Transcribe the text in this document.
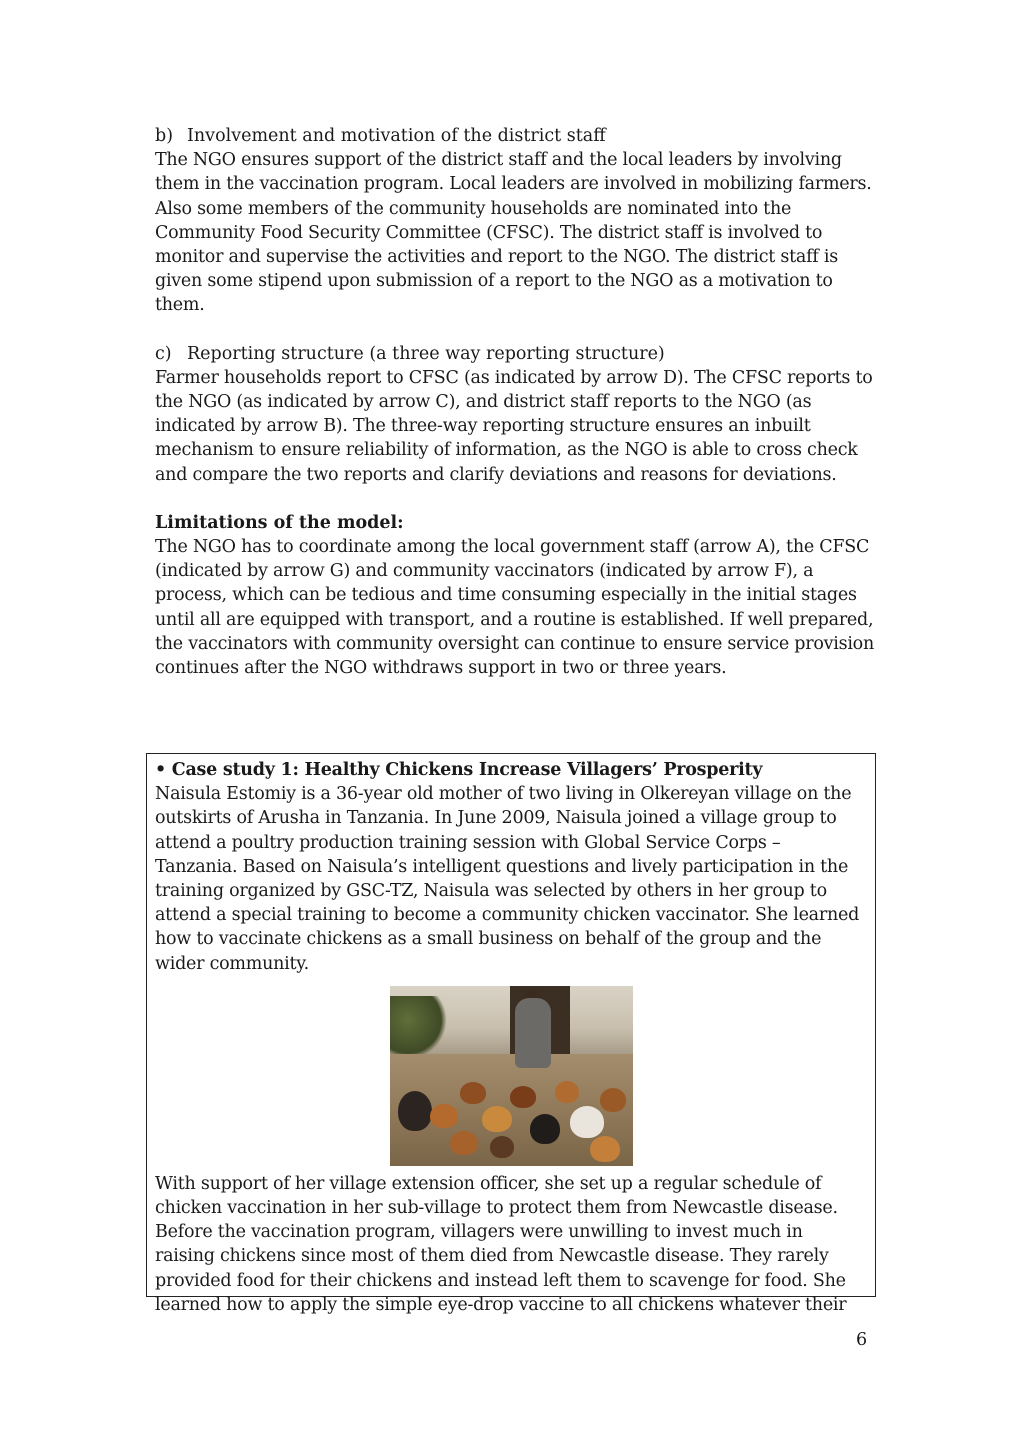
b) Involvement and motivation of the district staff

The NGO ensures support of the district staff and the local leaders by involving them in the vaccination program. Local leaders are involved in mobilizing farmers. Also some members of the community households are nominated into the Community Food Security Committee (CFSC). The district staff is involved to monitor and supervise the activities and report to the NGO. The district staff is given some stipend upon submission of a report to the NGO as a motivation to them.

c) Reporting structure (a three way reporting structure)

Farmer households report to CFSC (as indicated by arrow D). The CFSC reports to the NGO (as indicated by arrow C), and district staff reports to the NGO (as indicated by arrow B). The three-way reporting structure ensures an inbuilt mechanism to ensure reliability of information, as the NGO is able to cross check and compare the two reports and clarify deviations and reasons for deviations.

Limitations of the model:

The NGO has to coordinate among the local government staff (arrow A), the CFSC (indicated by arrow G) and community vaccinators (indicated by arrow F), a process, which can be tedious and time consuming especially in the initial stages until all are equipped with transport, and a routine is established. If well prepared, the vaccinators with community oversight can continue to ensure service provision continues after the NGO withdraws support in two or three years.

• Case study 1: Healthy Chickens Increase Villagers’ Prosperity

Naisula Estomiy is a 36-year old mother of two living in Olkereyan village on the outskirts of Arusha in Tanzania. In June 2009, Naisula joined a village group to attend a poultry production training session with Global Service Corps – Tanzania. Based on Naisula’s intelligent questions and lively participation in the training organized by GSC-TZ, Naisula was selected by others in her group to attend a special training to become a community chicken vaccinator. She learned how to vaccinate chickens as a small business on behalf of the group and the wider community.

With support of her village extension officer, she set up a regular schedule of chicken vaccination in her sub-village to protect them from Newcastle disease. Before the vaccination program, villagers were unwilling to invest much in raising chickens since most of them died from Newcastle disease. They rarely provided food for their chickens and instead left them to scavenge for food. She learned how to apply the simple eye-drop vaccine to all chickens whatever their

6
